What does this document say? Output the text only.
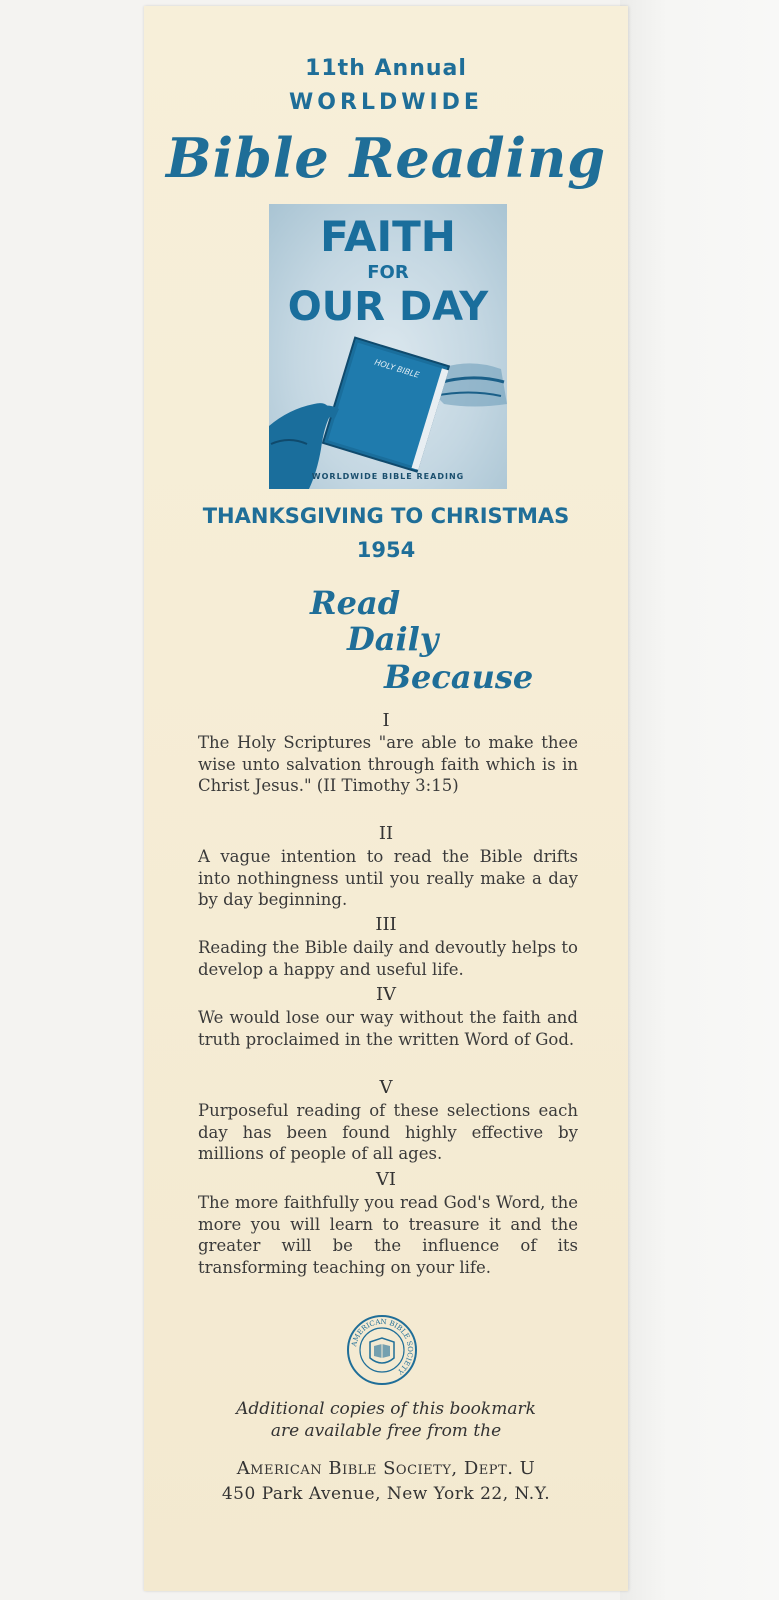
11th Annual
WORLDWIDE
Bible Reading
FAITH
FOR
OUR DAY
HOLY BIBLE
WORLDWIDE BIBLE READING
THANKSGIVING TO CHRISTMAS
1954
Read
Daily
Because
I
The Holy Scriptures "are able to make thee wise unto salvation through faith which is in Christ Jesus." (II Timothy 3:15)
II
A vague intention to read the Bible drifts into nothingness until you really make a day by day beginning.
III
Reading the Bible daily and devoutly helps to develop a happy and useful life.
IV
We would lose our way without the faith and truth proclaimed in the written Word of God.
V
Purposeful reading of these selections each day has been found highly effective by millions of people of all ages.
VI
The more faithfully you read God's Word, the more you will learn to treasure it and the greater will be the influence of its transforming teaching on your life.
AMERICAN BIBLE SOCIETY
Additional copies of this bookmark
are available free from the
American Bible Society, Dept. U
450 Park Avenue, New York 22, N.Y.
